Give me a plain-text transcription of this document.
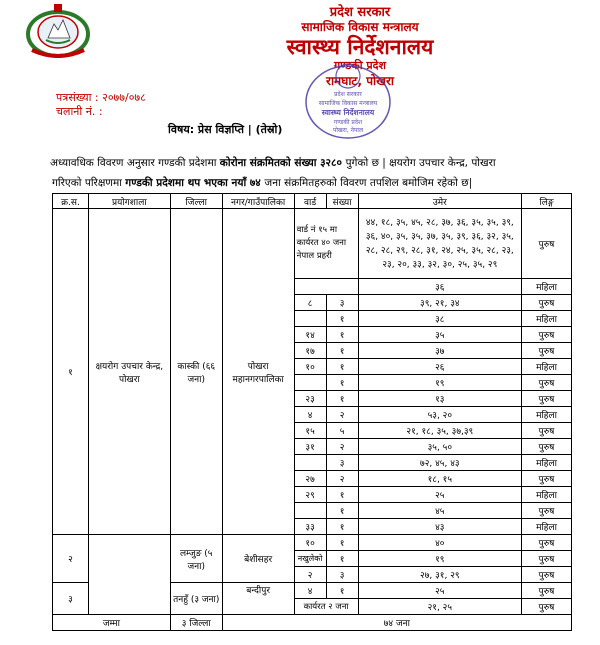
प्रदेश सरकार
सामाजिक विकास मन्त्रालय
स्वास्थ्य निर्देशनालय
गण्डकी प्रदेश
रामघाट, पोखरा
प्रदेश सरकार
सामाजिक विकास मन्त्रालय
स्वास्थ्य निर्देशनालय
गण्डकी प्रदेश
पोखरा, नेपाल
पत्रसंख्या : २०७७/०७८
चलानी नं. :
विषय: प्रेस विज्ञप्ति | (तेस्रो)
अध्यावधिक विवरण अनुसार गण्डकी प्रदेशमा कोरोना संक्रमितको संख्या ३२८० पुगेको छ | क्षयरोग उपचार केन्द्र, पोखरा
गरिएको परिक्षणमा गण्डकी प्रदेशमा थप भएका नयाँ ७४ जना संक्रमितहरुको विवरण तपशिल बमोजिम रहेको छ|
क्र.स.	प्रयोगशाला	जिल्ला	नगर/गाउँपालिका	वार्ड	संख्या	उमेर	लिङ्ग
१	क्षयरोग उपचार केन्द्र, पोखरा	कास्की (६६ जना)	पोखरा महानगरपालिका	वार्ड नं १५ मा कार्यरत ४० जना नेपाल प्रहरी		४४, १८, ३५, ४५, २८, ३७, ३६, ३५, ३५, ३९, ३६, ४०, ३५, ३५, ३७, ३५, ३९, ३६, ३२, ३५, २८, २८, २९, २८, ३१, २४, २५, ३५, २८, २३, २३, २०, ३३, ३२, ३०, २५, ३५, २९	पुरुष
						३६	महिला
				८	३	३९, २१, ३४	पुरुष
					१	३८	महिला
				१४	१	३५	पुरुष
				१७	१	३७	पुरुष
				१०	१	२६	महिला
					१	१९	पुरुष
				२३	१	१३	पुरुष
				४	२	५३, २०	महिला
				१५	५	२१, १८, ३५, ३७,३९	पुरुष
				३१	२	३५, ५०	पुरुष
					३	७२, ४५, ४३	महिला
				२७	२	१८, १५	पुरुष
				२९	१	२५	महिला
					१	४५	पुरुष
				३३	१	४३	महिला
२		लम्जुङ (५ जना)	बेशीसहर	१०	१	४०	पुरुष
				नखुलेको	१	१९	पुरुष
				२	३	२७, ३१, २९	पुरुष
३		तनहुँ (३ जना)	बन्दीपुर	४	१	२५	पुरुष
				कार्यरत २ जना		२१, २५	पुरुष
जम्मा		३ जिल्ला	७४ जना				
